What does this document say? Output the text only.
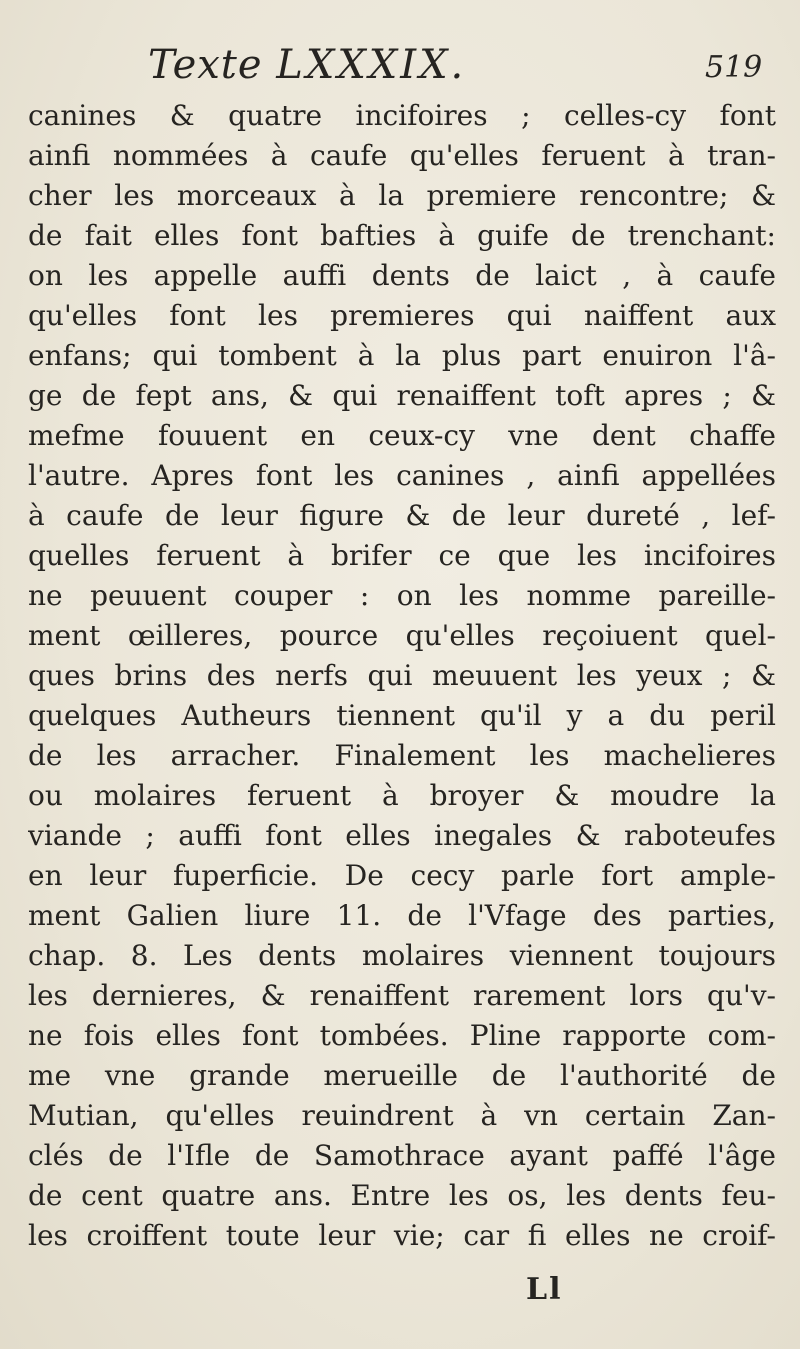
Texte LXXXIX.	519
canines & quatre incifoires ; celles-cy font
ainfi nommées à caufe qu'elles feruent à tran-
cher les morceaux à la premiere rencontre; &
de fait elles font bafties à guife de trenchant:
on les appelle auffi dents de laict , à caufe
qu'elles font les premieres qui naiffent aux
enfans; qui tombent à la plus part enuiron l'â-
ge de fept ans, & qui renaiffent toft apres ; &
mefme fouuent en ceux-cy vne dent chaffe
l'autre. Apres font les canines , ainfi appellées
à caufe de leur figure & de leur dureté , lef-
quelles feruent à brifer ce que les incifoires
ne peuuent couper : on les nomme pareille-
ment œilleres, pource qu'elles reçoiuent quel-
ques brins des nerfs qui meuuent les yeux ; &
quelques Autheurs tiennent qu'il y a du peril
de les arracher. Finalement les machelieres
ou molaires feruent à broyer & moudre la
viande ; auffi font elles inegales & raboteufes
en leur fuperficie. De cecy parle fort ample-
ment Galien liure 11. de l'Vfage des parties,
chap. 8. Les dents molaires viennent toujours
les dernieres, & renaiffent rarement lors qu'v-
ne fois elles font tombées. Pline rapporte com-
me vne grande merueille de l'authorité de
Mutian, qu'elles reuindrent à vn certain Zan-
clés de l'Ifle de Samothrace ayant paffé l'âge
de cent quatre ans. Entre les os, les dents feu-
les croiffent toute leur vie; car fi elles ne croif-
Ll
